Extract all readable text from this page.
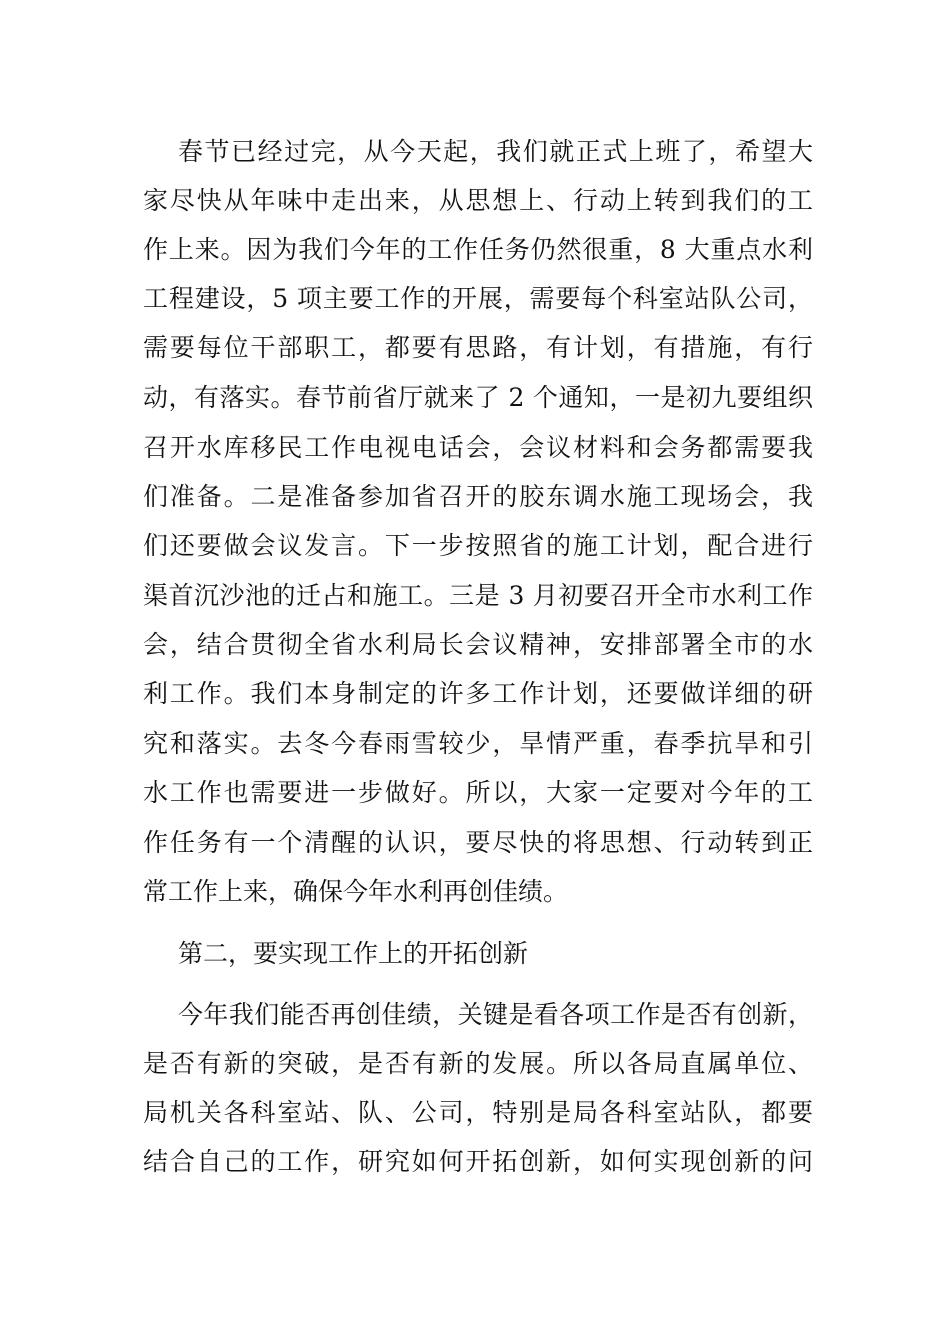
春节已经过完，从今天起，我们就正式上班了，希望大
家尽快从年味中走出来，从思想上、行动上转到我们的工
作上来。因为我们今年的工作任务仍然很重，8 大重点水利
工程建设，5 项主要工作的开展，需要每个科室站队公司，
需要每位干部职工，都要有思路，有计划，有措施，有行
动，有落实。春节前省厅就来了 2 个通知，一是初九要组织
召开水库移民工作电视电话会，会议材料和会务都需要我
们准备。二是准备参加省召开的胶东调水施工现场会，我
们还要做会议发言。下一步按照省的施工计划，配合进行
渠首沉沙池的迁占和施工。三是 3 月初要召开全市水利工作
会，结合贯彻全省水利局长会议精神，安排部署全市的水
利工作。我们本身制定的许多工作计划，还要做详细的研
究和落实。去冬今春雨雪较少，旱情严重，春季抗旱和引
水工作也需要进一步做好。所以，大家一定要对今年的工
作任务有一个清醒的认识，要尽快的将思想、行动转到正
常工作上来，确保今年水利再创佳绩。
第二，要实现工作上的开拓创新
今年我们能否再创佳绩，关键是看各项工作是否有创新，
是否有新的突破，是否有新的发展。所以各局直属单位、
局机关各科室站、队、公司，特别是局各科室站队，都要
结合自己的工作，研究如何开拓创新，如何实现创新的问
